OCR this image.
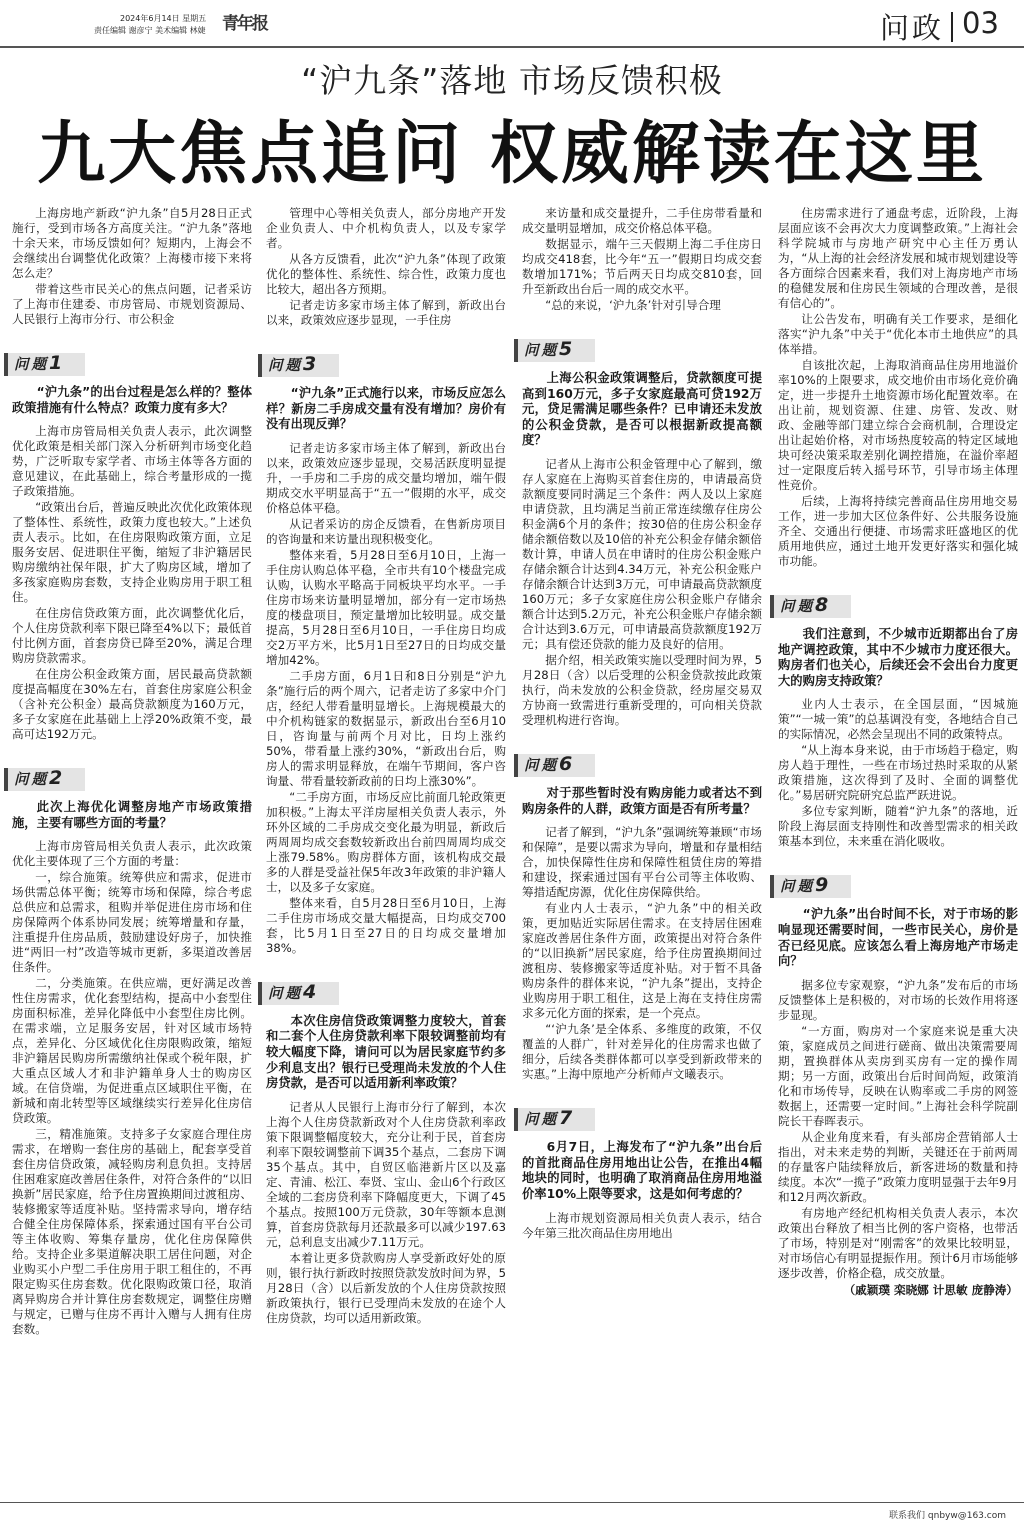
2024年6月14日 星期五
责任编辑 谢彦宁 美术编辑 林婕 青年报	问政 03
“沪九条”落地 市场反馈积极
九大焦点追问 权威解读在这里

上海房地产新政“沪九条”自5月28日正式施行，受到市场各方高度关注。“沪九条”落地十余天来，市场反馈如何？短期内，上海会不会继续出台调整优化政策？上海楼市接下来将怎么走？

带着这些市民关心的焦点问题，记者采访了上海市住建委、市房管局、市规划资源局、人民银行上海市分行、市公积金

问题1
“沪九条”的出台过程是怎么样的？整体政策措施有什么特点？政策力度有多大？

上海市房管局相关负责人表示，此次调整优化政策是相关部门深入分析研判市场变化趋势，广泛听取专家学者、市场主体等各方面的意见建议，在此基础上，综合考量形成的一揽子政策措施。

“政策出台后，普遍反映此次优化政策体现了整体性、系统性，政策力度也较大。”上述负责人表示。比如，在住房限购政策方面，立足服务安居、促进职住平衡，缩短了非沪籍居民购房缴纳社保年限，扩大了购房区域，增加了多孩家庭购房套数，支持企业购房用于职工租住。

在住房信贷政策方面，此次调整优化后，个人住房贷款利率下限已降至4%以下；最低首付比例方面，首套房贷已降至20%，满足合理购房贷款需求。

在住房公积金政策方面，居民最高贷款额度提高幅度在30%左右，首套住房家庭公积金（含补充公积金）最高贷款额度为160万元，多子女家庭在此基础上上浮20%政策不变，最高可达192万元。

问题2
此次上海优化调整房地产市场政策措施，主要有哪些方面的考量？

上海市房管局相关负责人表示，此次政策优化主要体现了三个方面的考量：

一，综合施策。统筹供应和需求，促进市场供需总体平衡；统筹市场和保障，综合考虑总供应和总需求，租购并举促进住房市场和住房保障两个体系协同发展；统筹增量和存量，注重提升住房品质，鼓励建设好房子，加快推进“两旧一村”改造等城市更新，多渠道改善居住条件。

二，分类施策。在供应端，更好满足改善性住房需求，优化套型结构，提高中小套型住房面积标准，差异化降低中小套型住房比例。在需求端，立足服务安居，针对区域市场特点，差异化、分区域优化住房限购政策，缩短非沪籍居民购房所需缴纳社保或个税年限，扩大重点区域人才和非沪籍单身人士的购房区域。在信贷端，为促进重点区域职住平衡，在新城和南北转型等区域继续实行差异化住房信贷政策。

三，精准施策。支持多子女家庭合理住房需求，在增购一套住房的基础上，配套享受首套住房信贷政策，减轻购房利息负担。支持居住困难家庭改善居住条件，对符合条件的“以旧换新”居民家庭，给予住房置换期间过渡租房、装修搬家等适度补贴。坚持需求导向，增存结合健全住房保障体系，探索通过国有平台公司等主体收购、筹集存量房，优化住房保障供给。支持企业多渠道解决职工居住问题，对企业购买小户型二手住房用于职工租住的，不再限定购买住房套数。优化限购政策口径，取消离异购房合并计算住房套数规定，调整住房赠与规定，已赠与住房不再计入赠与人拥有住房套数。

管理中心等相关负责人，部分房地产开发企业负责人、中介机构负责人，以及专家学者。

从各方反馈看，此次“沪九条”体现了政策优化的整体性、系统性、综合性，政策力度也比较大，超出各方预期。

记者走访多家市场主体了解到，新政出台以来，政策效应逐步显现，一手住房

问题3
“沪九条”正式施行以来，市场反应怎么样？新房二手房成交量有没有增加？房价有没有出现反弹？

记者走访多家市场主体了解到，新政出台以来，政策效应逐步显现，交易活跃度明显提升，一手房和二手房的成交量均增加，端午假期成交水平明显高于“五一”假期的水平，成交价格总体平稳。

从记者采访的房企反馈看，在售新房项目的咨询量和来访量出现积极变化。

整体来看，5月28日至6月10日，上海一手住房认购总体平稳，全市共有10个楼盘完成认购，认购水平略高于同板块平均水平。一手住房市场来访量明显增加，部分有一定市场热度的楼盘项目，预定量增加比较明显。成交量提高，5月28日至6月10日，一手住房日均成交2万平方米，比5月1日至27日的日均成交量增加42%。

二手房方面，6月1日和8日分别是“沪九条”施行后的两个周六，记者走访了多家中介门店，经纪人带看量明显增长。上海规模最大的中介机构链家的数据显示，新政出台至6月10日，咨询量与前两个月对比，日均上涨约50%，带看量上涨约30%，“新政出台后，购房人的需求明显释放，在端午节期间，客户咨询量、带看量较新政前的日均上涨30%”。

“二手房方面，市场反应比前面几轮政策更加积极。”上海太平洋房屋相关负责人表示，外环外区域的二手房成交变化最为明显，新政后两周周均成交套数较新政出台前四周周均成交上涨79.58%。购房群体方面，该机构成交最多的人群是受益社保5年改3年政策的非沪籍人士，以及多子女家庭。

整体来看，自5月28日至6月10日，上海二手住房市场成交量大幅提高，日均成交700套，比5月1日至27日的日均成交量增加38%。

问题4
本次住房信贷政策调整力度较大，首套和二套个人住房贷款利率下限较调整前均有较大幅度下降，请问可以为居民家庭节约多少利息支出？银行已受理尚未发放的个人住房贷款，是否可以适用新利率政策？

记者从人民银行上海市分行了解到，本次上海个人住房贷款新政对个人住房贷款利率政策下限调整幅度较大，充分让利于民，首套房利率下限较调整前下调35个基点，二套房下调35个基点。其中，自贸区临港新片区以及嘉定、青浦、松江、奉贤、宝山、金山6个行政区全域的二套房贷利率下降幅度更大，下调了45个基点。按照100万元贷款，30年等额本息测算，首套房贷款每月还款最多可以减少197.63元，总利息支出减少7.11万元。

本着让更多贷款购房人享受新政好处的原则，银行执行新政时按照贷款发放时间为界，5月28日（含）以后新发放的个人住房贷款按照新政策执行，银行已受理尚未发放的在途个人住房贷款，均可以适用新政策。

来访量和成交量提升，二手住房带看量和成交量明显增加，成交价格总体平稳。

数据显示，端午三天假期上海二手住房日均成交418套，比今年“五一”假期日均成交套数增加171%；节后两天日均成交810套，回升至新政出台后一周的成交水平。

“总的来说，‘沪九条’针对引导合理

问题5
上海公积金政策调整后，贷款额度可提高到160万元，多子女家庭最高可贷192万元，贷足需满足哪些条件？已申请还未发放的公积金贷款，是否可以根据新政提高额度？

记者从上海市公积金管理中心了解到，缴存人家庭在上海购买首套住房的，申请最高贷款额度要同时满足三个条件：两人及以上家庭申请贷款，且均满足当前正常连续缴存住房公积金满6个月的条件；按30倍的住房公积金存储余额倍数以及10倍的补充公积金存储余额倍数计算，申请人员在申请时的住房公积金账户存储余额合计达到4.34万元，补充公积金账户存储余额合计达到3万元，可申请最高贷款额度160万元；多子女家庭住房公积金账户存储余额合计达到5.2万元，补充公积金账户存储余额合计达到3.6万元，可申请最高贷款额度192万元；具有偿还贷款的能力及良好的信用。

据介绍，相关政策实施以受理时间为界，5月28日（含）以后受理的公积金贷款按此政策执行，尚未发放的公积金贷款，经房屋交易双方协商一致需进行重新受理的，可向相关贷款受理机构进行咨询。

问题6
对于那些暂时没有购房能力或者达不到购房条件的人群，政策方面是否有所考量？

记者了解到，“沪九条”强调统筹兼顾“市场和保障”，是要以需求为导向，增量和存量相结合，加快保障性住房和保障性租赁住房的筹措和建设，探索通过国有平台公司等主体收购、筹措适配房源，优化住房保障供给。

有业内人士表示，“沪九条”中的相关政策，更加贴近实际居住需求。在支持居住困难家庭改善居住条件方面，政策提出对符合条件的“以旧换新”居民家庭，给予住房置换期间过渡租房、装修搬家等适度补贴。对于暂不具备购房条件的群体来说，“沪九条”提出，支持企业购房用于职工租住，这是上海在支持住房需求多元化方面的探索，是一个亮点。

“‘沪九条’是全体系、多维度的政策，不仅覆盖的人群广，针对差异化的住房需求也做了细分，后续各类群体都可以享受到新政带来的实惠。”上海中原地产分析师卢文曦表示。

问题7
6月7日，上海发布了“沪九条”出台后的首批商品住房用地出让公告，在推出4幅地块的同时，也明确了取消商品住房用地溢价率10%上限等要求，这是如何考虑的？

上海市规划资源局相关负责人表示，结合今年第三批次商品住房用地出

住房需求进行了通盘考虑，近阶段，上海层面应该不会再次大力度调整政策。”上海社会科学院城市与房地产研究中心主任万勇认为，“从上海的社会经济发展和城市规划建设等各方面综合因素来看，我们对上海房地产市场的稳健发展和住房民生领域的合理改善，是很有信心的”。

让公告发布，明确有关工作要求，是细化落实“沪九条”中关于“优化本市土地供应”的具体举措。

自该批次起，上海取消商品住房用地溢价率10%的上限要求，成交地价由市场化竞价确定，进一步提升土地资源市场化配置效率。在出让前，规划资源、住建、房管、发改、财政、金融等部门建立综合会商机制，合理设定出让起始价格，对市场热度较高的特定区域地块可经决策采取差别化调控措施，在溢价率超过一定限度后转入摇号环节，引导市场主体理性竞价。

后续，上海将持续完善商品住房用地交易工作，进一步加大区位条件好、公共服务设施齐全、交通出行便捷、市场需求旺盛地区的优质用地供应，通过土地开发更好落实和强化城市功能。

问题8
我们注意到，不少城市近期都出台了房地产调控政策，其中不少城市力度还很大。购房者们也关心，后续还会不会出台力度更大的购房支持政策？

业内人士表示，在全国层面，“因城施策”“一城一策”的总基调没有变，各地结合自己的实际情况，必然会呈现出不同的政策特点。

“从上海本身来说，由于市场趋于稳定，购房人趋于理性，一些在市场过热时采取的从紧政策措施，这次得到了及时、全面的调整优化。”易居研究院研究总监严跃进说。

多位专家判断，随着“沪九条”的落地，近阶段上海层面支持刚性和改善型需求的相关政策基本到位，未来重在消化吸收。

问题9
“沪九条”出台时间不长，对于市场的影响显现还需要时间，一些市民关心，房价是否已经见底。应该怎么看上海房地产市场走向？

据多位专家观察，“沪九条”发布后的市场反馈整体上是积极的，对市场的长效作用将逐步显现。

“一方面，购房对一个家庭来说是重大决策，家庭成员之间进行磋商、做出决策需要周期，置换群体从卖房到买房有一定的操作周期；另一方面，政策出台后时间尚短，政策消化和市场传导，反映在认购率或二手房的网签数据上，还需要一定时间。”上海社会科学院副院长干春晖表示。

从企业角度来看，有头部房企营销部人士指出，对未来走势的判断，关键还在于前两周的存量客户陆续释放后，新客进场的数量和持续度。本次“一揽子”政策力度明显强于去年9月和12月两次新政。

有房地产经纪机构相关负责人表示，本次政策出台释放了相当比例的客户资格，也带活了市场，特别是对“刚需客”的效果比较明显，对市场信心有明显提振作用。预计6月市场能够逐步改善，价格企稳，成交放量。

（戚颖璞 栾晓娜 计思敏 庞静涛）
联系我们 qnbyw@163.com
